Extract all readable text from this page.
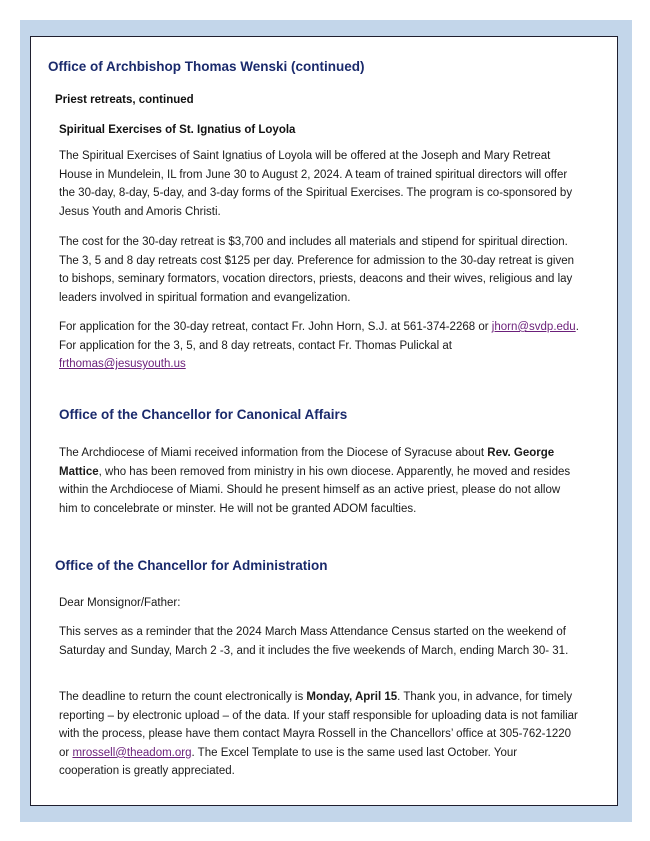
Office of Archbishop Thomas Wenski (continued)
Priest retreats, continued
Spiritual Exercises of St. Ignatius of Loyola

The Spiritual Exercises of Saint Ignatius of Loyola will be offered at the Joseph and Mary Retreat House in Mundelein, IL from June 30 to August 2, 2024. A team of trained spiritual directors will offer the 30-day, 8-day, 5-day, and 3-day forms of the Spiritual Exercises. The program is co-sponsored by Jesus Youth and Amoris Christi.

The cost for the 30-day retreat is $3,700 and includes all materials and stipend for spiritual direction. The 3, 5 and 8 day retreats cost $125 per day. Preference for admission to the 30-day retreat is given to bishops, seminary formators, vocation directors, priests, deacons and their wives, religious and lay leaders involved in spiritual formation and evangelization.

For application for the 30-day retreat, contact Fr. John Horn, S.J. at 561-374-2268 or jhorn@svdp.edu. For application for the 3, 5, and 8 day retreats, contact Fr. Thomas Pulickal at frthomas@jesusyouth.us

Office of the Chancellor for Canonical Affairs

The Archdiocese of Miami received information from the Diocese of Syracuse about Rev. George Mattice, who has been removed from ministry in his own diocese. Apparently, he moved and resides within the Archdiocese of Miami. Should he present himself as an active priest, please do not allow him to concelebrate or minster. He will not be granted ADOM faculties.

Office of the Chancellor for Administration

Dear Monsignor/Father:

This serves as a reminder that the 2024 March Mass Attendance Census started on the weekend of Saturday and Sunday, March 2 -3, and it includes the five weekends of March, ending March 30- 31.

The deadline to return the count electronically is Monday, April 15. Thank you, in advance, for timely reporting – by electronic upload – of the data. If your staff responsible for uploading data is not familiar with the process, please have them contact Mayra Rossell in the Chancellors’ office at 305-762-1220 or mrossell@theadom.org. The Excel Template to use is the same used last October. Your cooperation is greatly appreciated.
